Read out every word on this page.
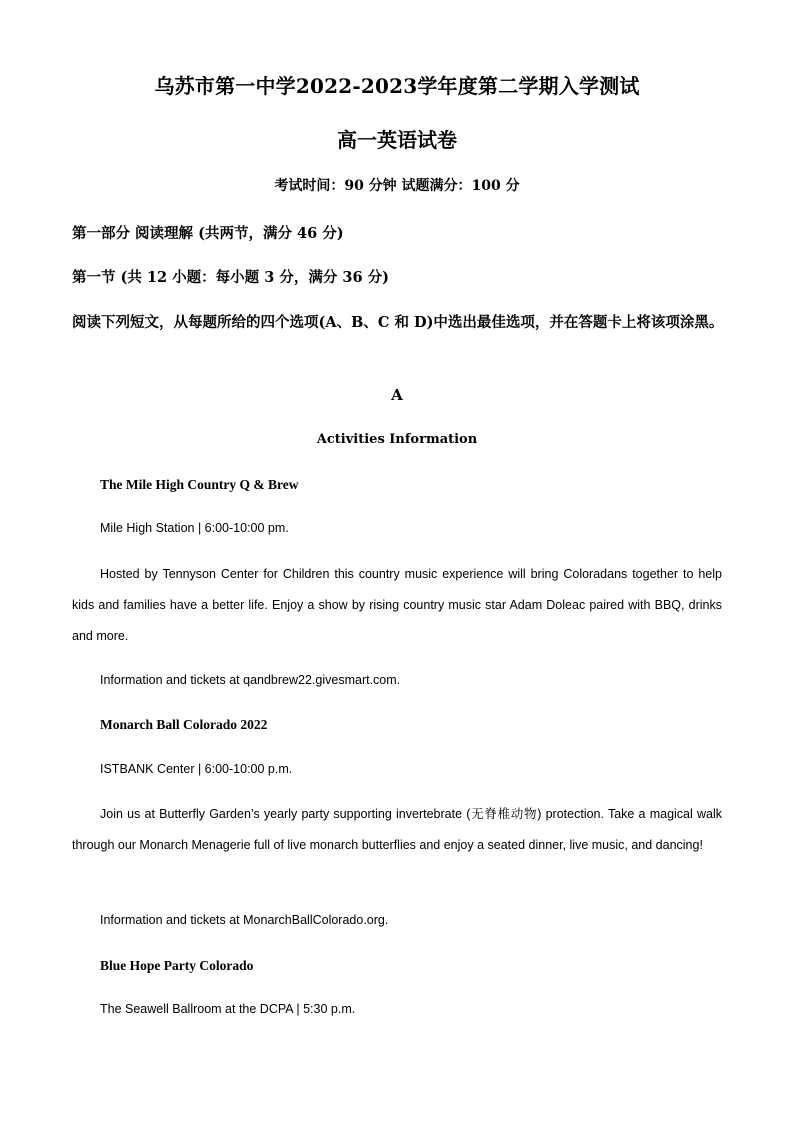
乌苏市第一中学2022-2023学年度第二学期入学测试
高一英语试卷
考试时间：90 分钟 试题满分：100 分
第一部分 阅读理解 (共两节，满分 46 分)
第一节 (共 12 小题：每小题 3 分，满分 36 分)
阅读下列短文，从每题所给的四个选项(A、B、C 和 D)中选出最佳选项，并在答题卡上将该项涂黑。
A
Activities Information
The Mile High Country Q & Brew
Mile High Station | 6:00-10:00 pm.
Hosted by Tennyson Center for Children this country music experience will bring Coloradans together to help kids and families have a better life. Enjoy a show by rising country music star Adam Doleac paired with BBQ, drinks and more.
Information and tickets at qandbrew22.givesmart.com.
Monarch Ball Colorado 2022
ISTBANK Center | 6:00-10:00 p.m.
Join us at Butterfly Garden’s yearly party supporting invertebrate (无脊椎动物) protection. Take a magical walk through our Monarch Menagerie full of live monarch butterflies and enjoy a seated dinner, live music, and dancing!
Information and tickets at MonarchBallColorado.org.
Blue Hope Party Colorado
The Seawell Ballroom at the DCPA | 5:30 p.m.
